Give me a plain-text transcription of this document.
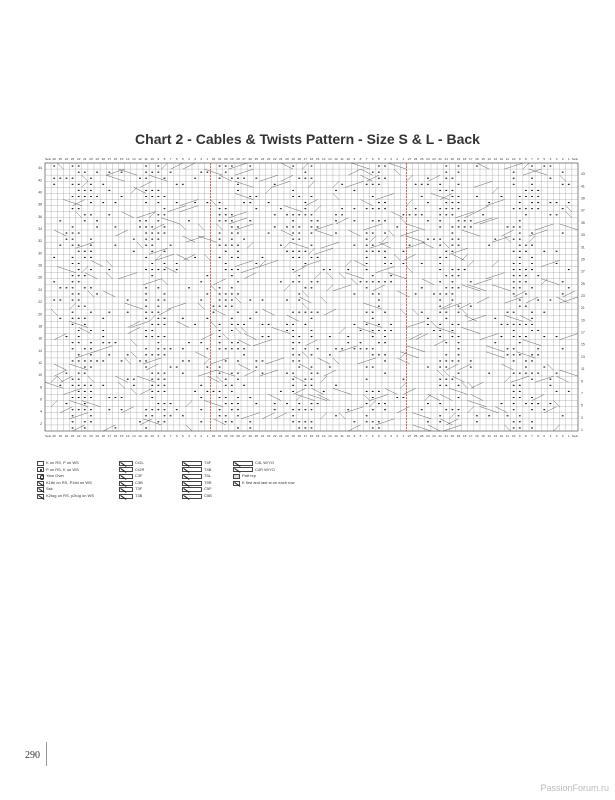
Chart 2 - Cables & Twists Pattern - Size S & L - Back
Selv
Selv
26
26
25
25
24
24
23
23
22
22
21
21
20
20
19
19
18
18
17
17
16
16
15
15
14
14
13
13
12
12
11
11
10
10
9
9
8
8
7
7
6
6
5
5
4
4
3
3
2
2
1
1
32
32
31
31
30
30
29
29
28
28
27
27
26
26
25
25
24
24
23
23
22
22
21
21
20
20
19
19
18
18
17
17
16
16
15
15
14
14
13
13
12
12
11
11
10
10
9
9
8
8
7
7
6
6
5
5
4
4
3
3
2
2
1
1
27
27
26
26
25
25
24
24
23
23
22
22
21
21
20
20
19
19
18
18
17
17
16
16
15
15
14
14
13
13
12
12
11
11
10
10
9
9
8
8
7
7
6
6
5
5
4
4
3
3
2
2
1
1
Selv
Selv
44
42
40
38
36
34
32
30
28
26
24
22
20
18
16
14
12
10
8
6
4
2
43
41
39
37
35
33
31
29
27
25
23
21
19
17
15
13
11
9
7
5
3
1
K on RS, P on WS
P on RS, K on WS
Yarn Over
K1tbl on RS, P1tbl on WS
Ssk
K2tog on RS, p2tog on WS
Cr2L
Cr2R
C3F
C3B
T3F
T3B
T4F
T4B
T5L
T5R
C5F
C5B
C4L W/YO
C4R W/YO
Patt rep
K first and last st on each row
290
PassionForum.ru
